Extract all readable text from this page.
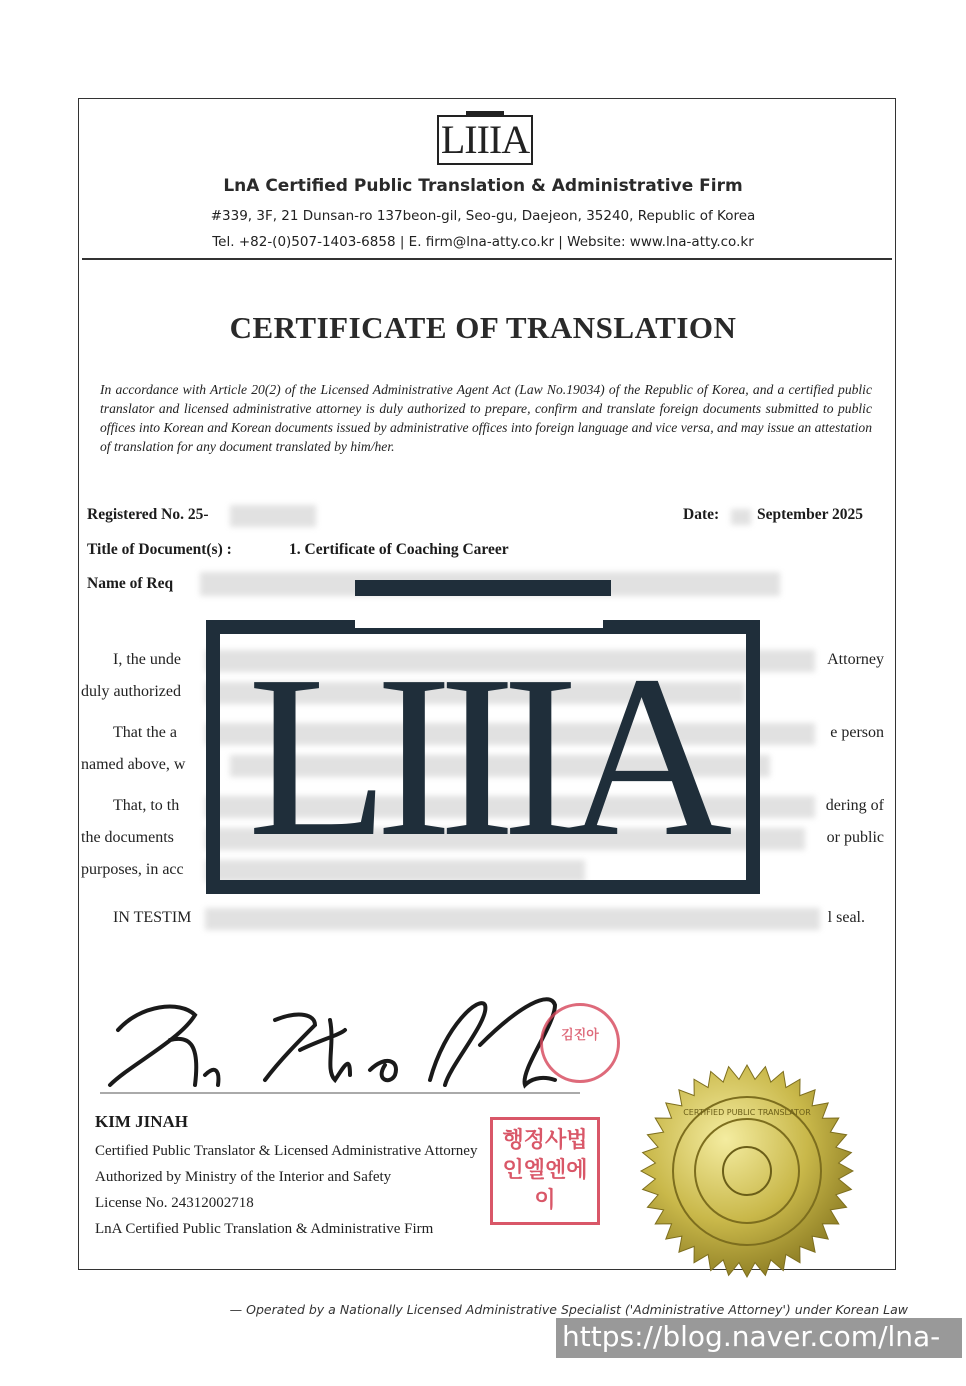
LIIIA
LnA Certified Public Translation & Administrative Firm
#339, 3F, 21 Dunsan-ro 137beon-gil, Seo-gu, Daejeon, 35240, Republic of Korea
Tel. +82-(0)507-1403-6858 | E. firm@lna-atty.co.kr | Website: www.lna-atty.co.kr
CERTIFICATE OF TRANSLATION
In accordance with Article 20(2) of the Licensed Administrative Agent Act (Law No.19034) of the Republic of Korea, and a certified public translator and licensed administrative attorney is duly authorized to prepare, confirm and translate foreign documents submitted to public offices into Korean and Korean documents issued by administrative offices into foreign language and vice versa, and may issue an attestation of translation for any document translated by him/her.
Registered No. 25-	Date: September 2025
Title of Document(s) :	1. Certificate of Coaching Career
Name of Req
I, the unde	Attorney
duly authorized
That the a	e person
named above, w
That, to th	dering of
the documents	or public
purposes, in acc
IN TESTIM	l seal.
LIIIA
김진아
KIM JINAH
Certified Public Translator & Licensed Administrative Attorney
Authorized by Ministry of the Interior and Safety
License No. 24312002718
LnA Certified Public Translation & Administrative Firm
행정사법인엘엔에이
CERTIFIED PUBLIC TRANSLATOR
— Operated by a Nationally Licensed Administrative Specialist ('Administrative Attorney') under Korean Law
https://blog.naver.com/lna-atty
